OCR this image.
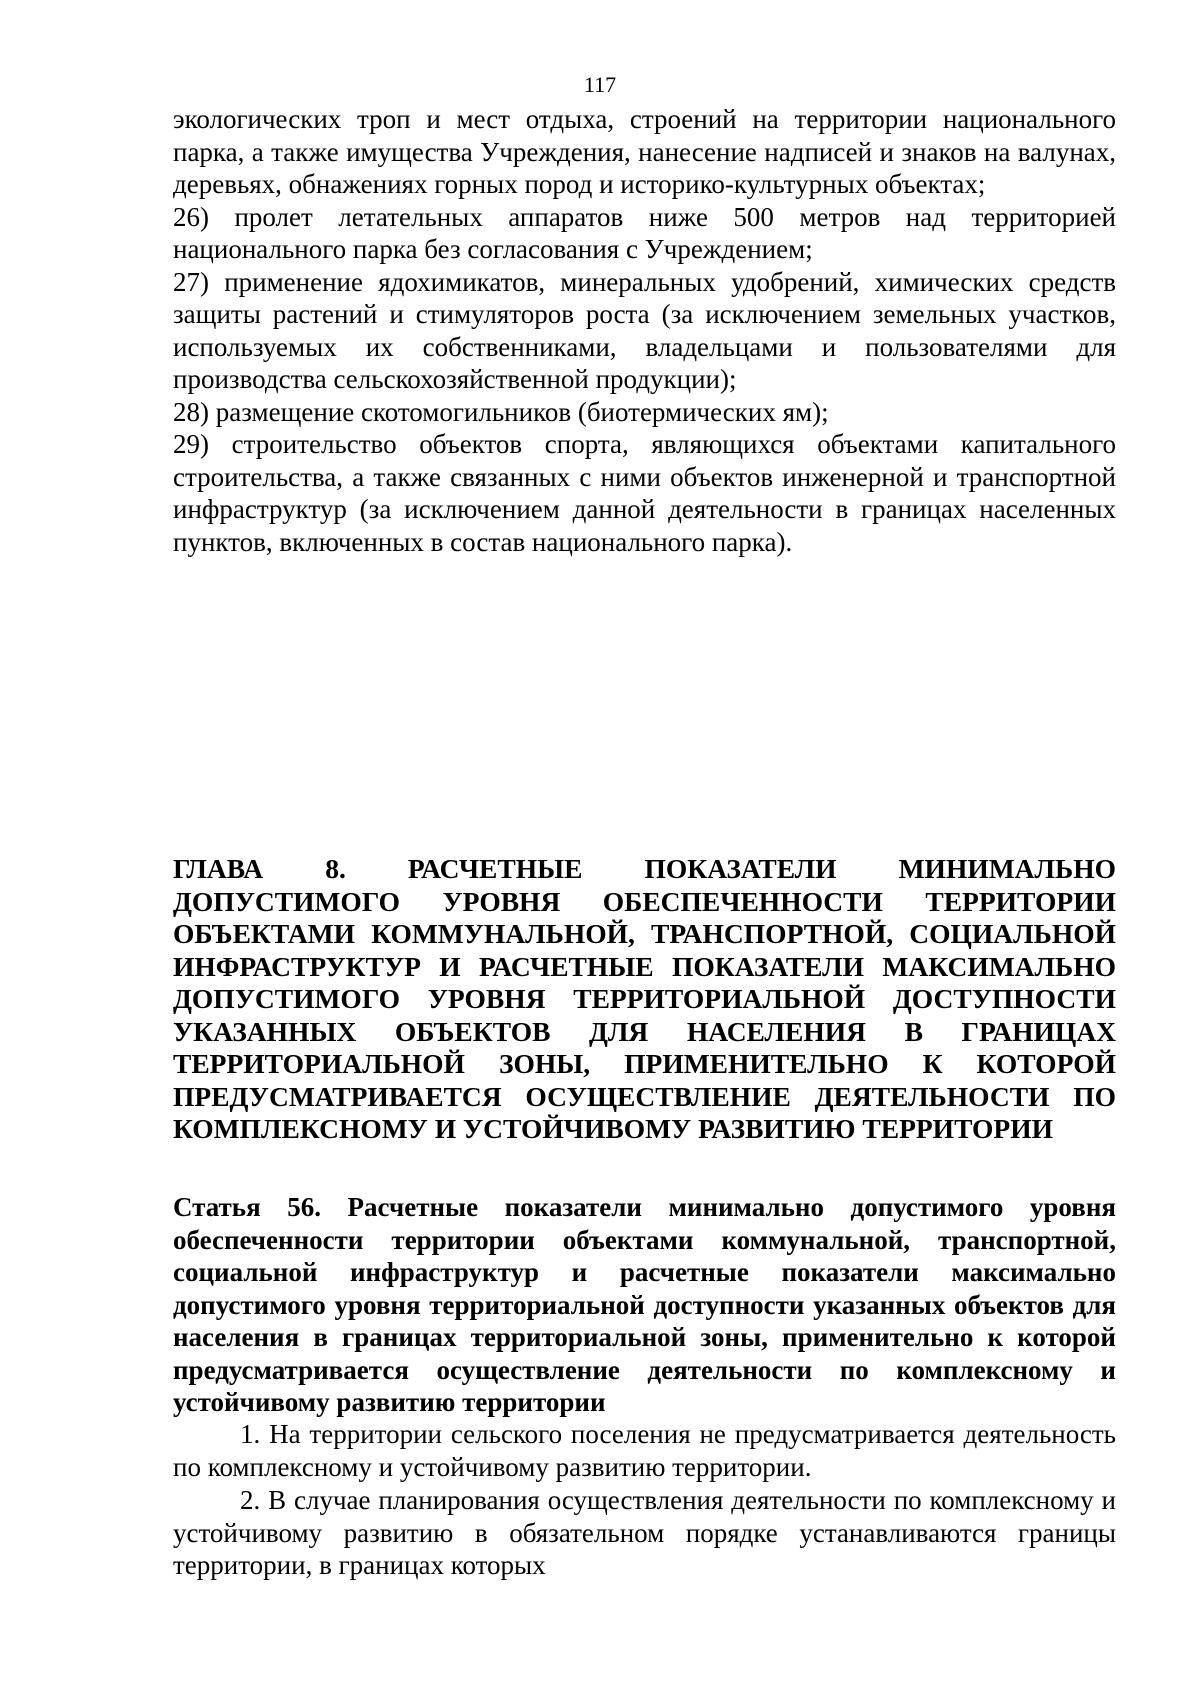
117

экологических троп и мест отдыха, строений на территории национального парка, а также имущества Учреждения, нанесение надписей и знаков на валунах, деревьях, обнажениях горных пород и историко-культурных объектах;

26) пролет летательных аппаратов ниже 500 метров над территорией национального парка без согласования с Учреждением;

27) применение ядохимикатов, минеральных удобрений, химических средств защиты растений и стимуляторов роста (за исключением земельных участков, используемых их собственниками, владельцами и пользователями для производства сельскохозяйственной продукции);

28) размещение скотомогильников (биотермических ям);

29) строительство объектов спорта, являющихся объектами капитального строительства, а также связанных с ними объектов инженерной и транспортной инфраструктур (за исключением данной деятельности в границах населенных пунктов, включенных в состав национального парка).

ГЛАВА 8. РАСЧЕТНЫЕ ПОКАЗАТЕЛИ МИНИМАЛЬНО ДОПУСТИМОГО УРОВНЯ ОБЕСПЕЧЕННОСТИ ТЕРРИТОРИИ ОБЪЕКТАМИ КОММУНАЛЬНОЙ, ТРАНСПОРТНОЙ, СОЦИАЛЬНОЙ ИНФРАСТРУКТУР И РАСЧЕТНЫЕ ПОКАЗАТЕЛИ МАКСИМАЛЬНО ДОПУСТИМОГО УРОВНЯ ТЕРРИТОРИАЛЬНОЙ ДОСТУПНОСТИ УКАЗАННЫХ ОБЪЕКТОВ ДЛЯ НАСЕЛЕНИЯ В ГРАНИЦАХ ТЕРРИТОРИАЛЬНОЙ ЗОНЫ, ПРИМЕНИТЕЛЬНО К КОТОРОЙ ПРЕДУСМАТРИВАЕТСЯ ОСУЩЕСТВЛЕНИЕ ДЕЯТЕЛЬНОСТИ ПО КОМПЛЕКСНОМУ И УСТОЙЧИВОМУ РАЗВИТИЮ ТЕРРИТОРИИ
Статья 56. Расчетные показатели минимально допустимого уровня обеспеченности территории объектами коммунальной, транспортной, социальной инфраструктур и расчетные показатели максимально допустимого уровня территориальной доступности указанных объектов для населения в границах территориальной зоны, применительно к которой предусматривается осуществление деятельности по комплексному и устойчивому развитию территории

1. На территории сельского поселения не предусматривается деятельность по комплексному и устойчивому развитию территории.

2. В случае планирования осуществления деятельности по комплексному и устойчивому развитию в обязательном порядке устанавливаются границы территории, в границах которых
